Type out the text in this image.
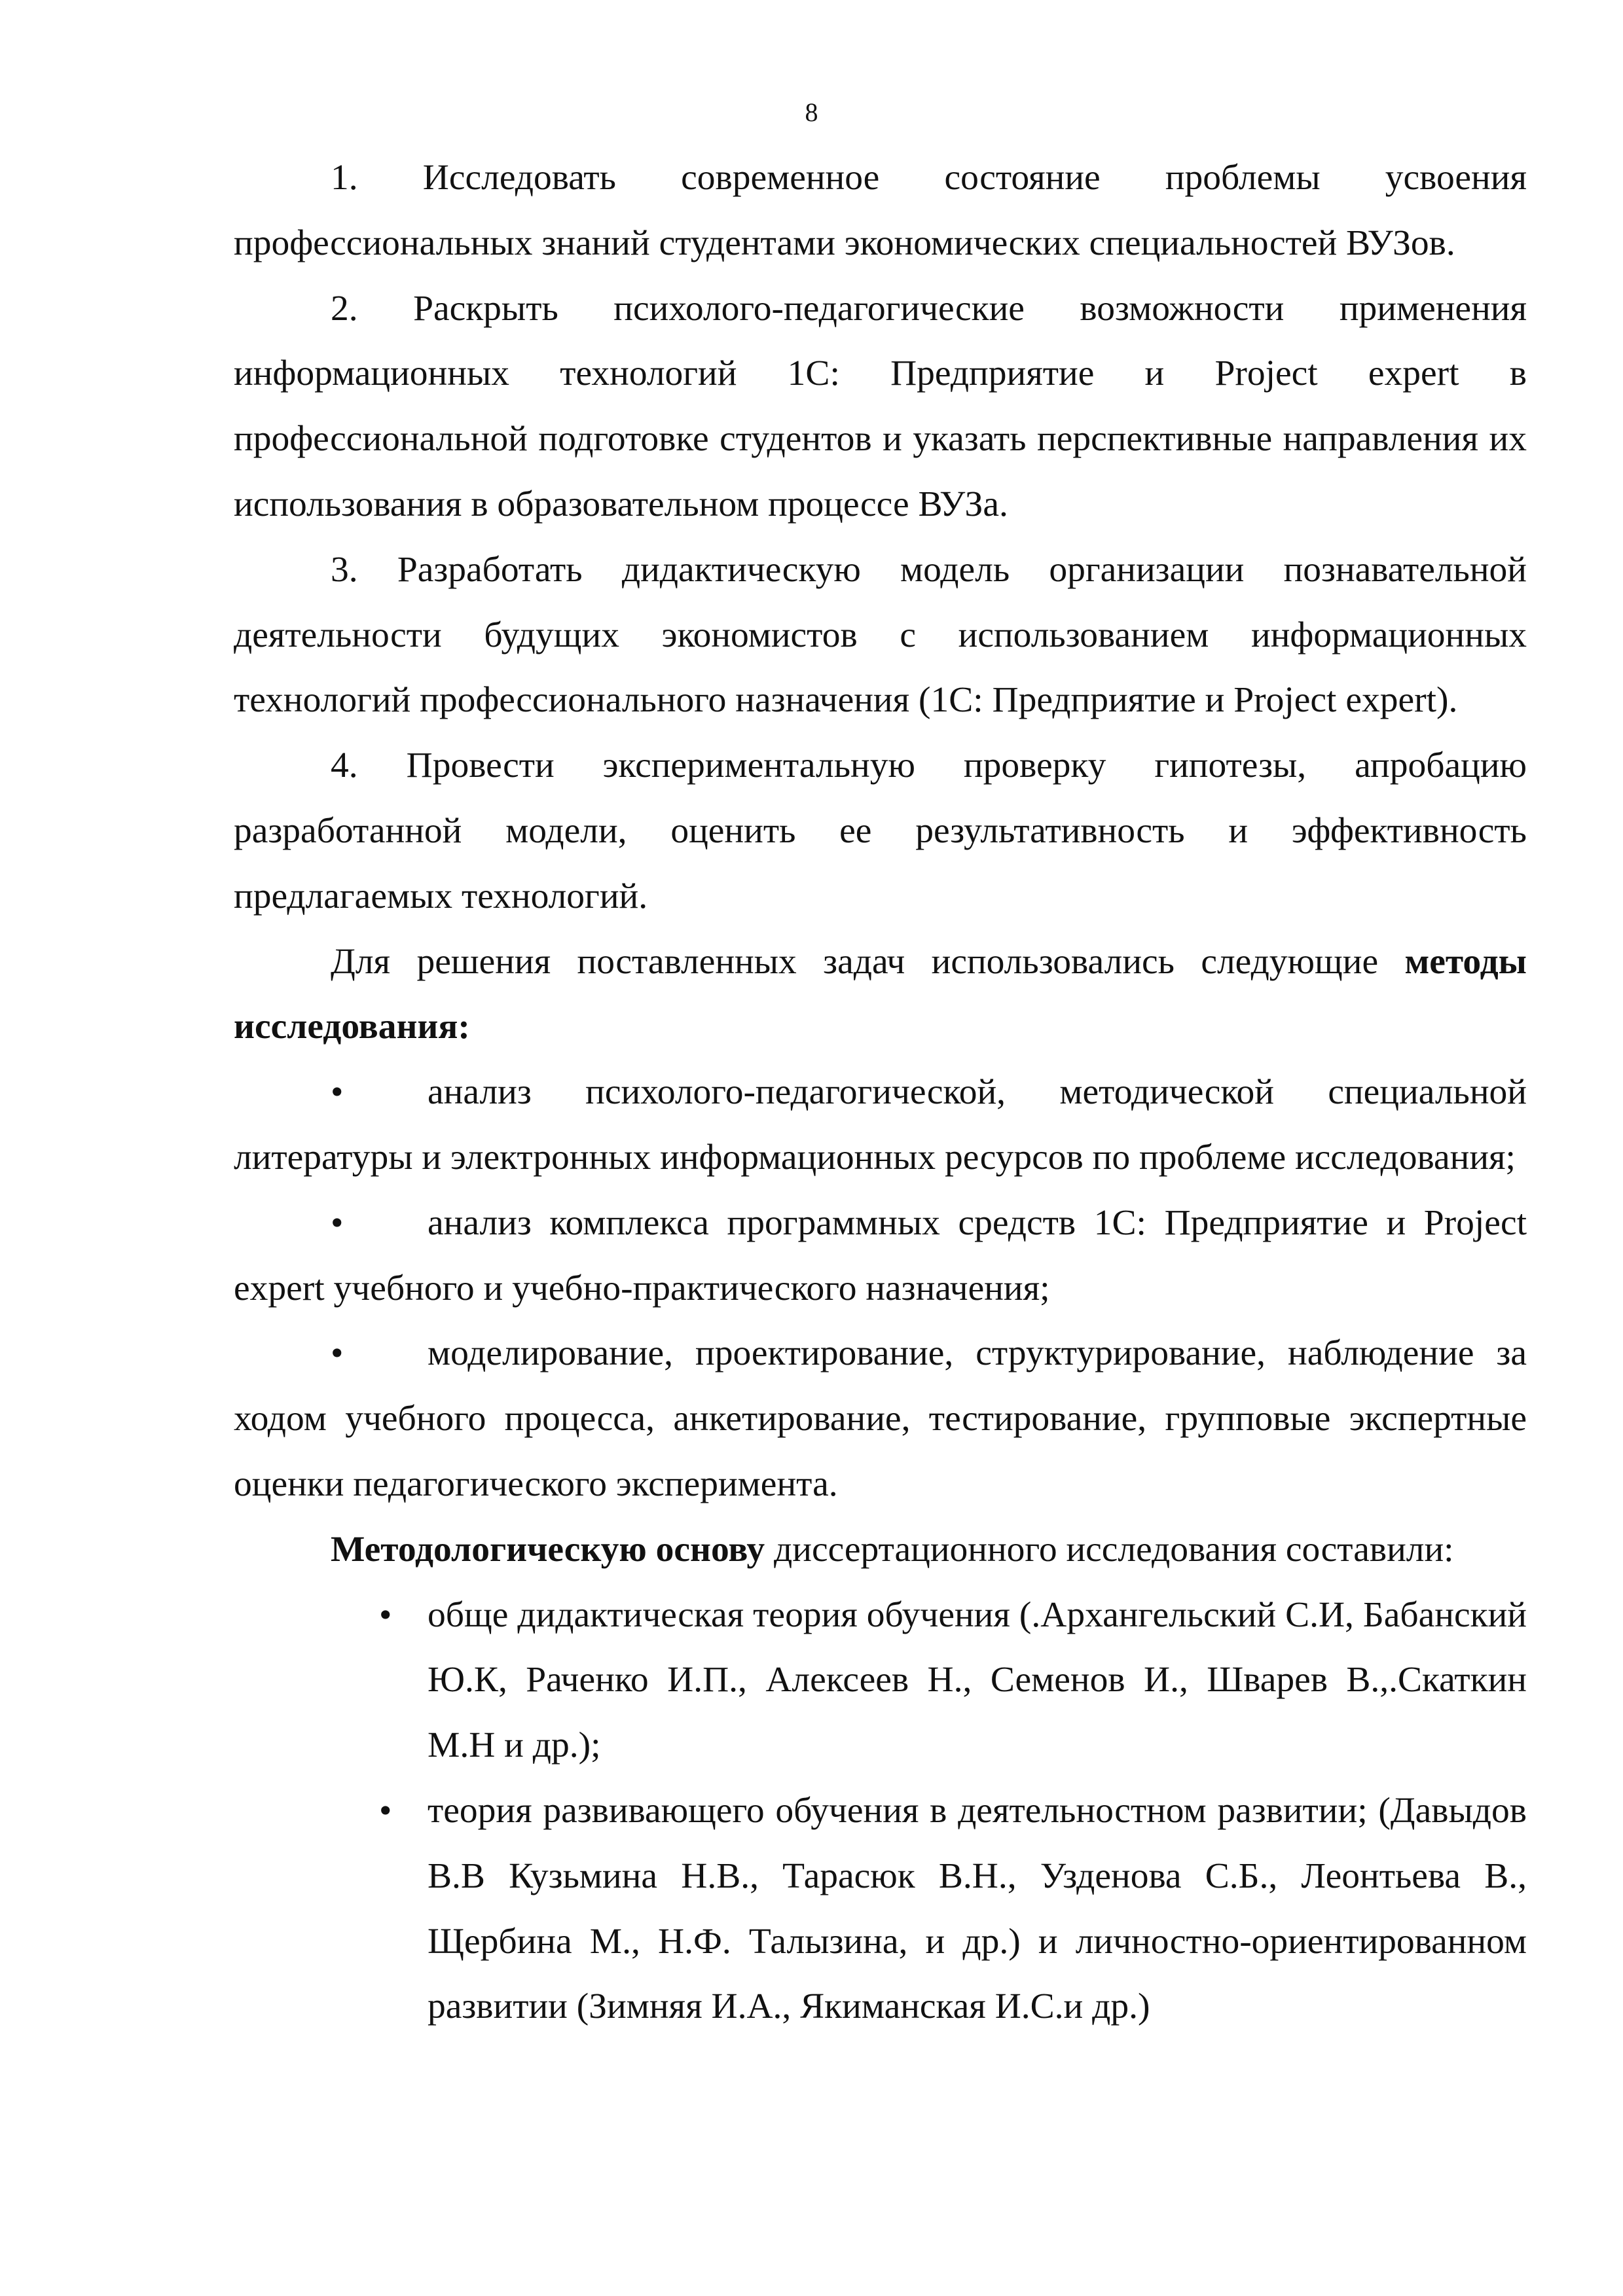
8

1. Исследовать современное состояние проблемы усвоения профессиональных знаний студентами экономических специальностей ВУЗов.

2. Раскрыть психолого-педагогические возможности применения информационных технологий 1С: Предприятие и Project expert в профессиональной подготовке студентов и указать перспективные направления их использования в образовательном процессе ВУЗа.

3. Разработать дидактическую модель организации познавательной деятельности будущих экономистов с использованием информационных технологий профессионального назначения (1С: Предприятие и Project expert).

4. Провести экспериментальную проверку гипотезы, апробацию разработанной модели, оценить ее результативность и эффективность предлагаемых технологий.

Для решения поставленных задач использовались следующие методы исследования:

• анализ психолого-педагогической, методической специальной литературы и электронных информационных ресурсов по проблеме исследования;

• анализ комплекса программных средств 1С: Предприятие и Project expert учебного и учебно-практического назначения;

• моделирование, проектирование, структурирование, наблюдение за ходом учебного процесса, анкетирование, тестирование, групповые экспертные оценки педагогического эксперимента.

Методологическую основу диссертационного исследования составили:

• обще дидактическая теория обучения (.Архангельский С.И, Бабанский Ю.К, Раченко И.П., Алексеев Н., Семенов И., Шварев В.,.Скаткин М.Н и др.);

• теория развивающего обучения в деятельностном развитии; (Давыдов В.В Кузьмина Н.В., Тарасюк В.Н., Узденова С.Б., Леонтьева В., Щербина М., Н.Ф. Талызина, и др.) и личностно-ориентированном развитии (Зимняя И.А., Якиманская И.С.и др.)
